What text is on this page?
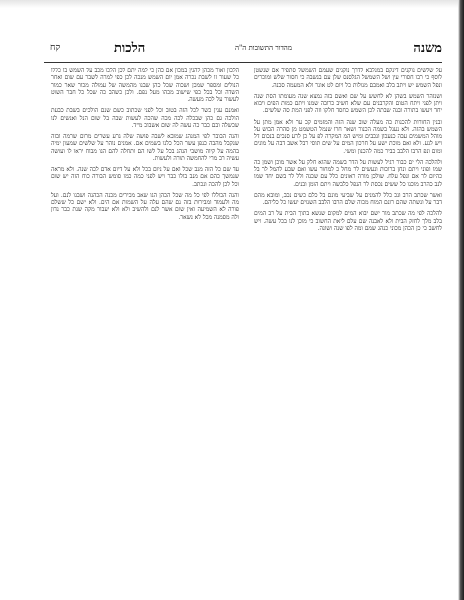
משנה
מהדור התשובות ה"ה
הלכות
קח

על שלשים נוקנים דינקם במנלבא לדרך נוקנים שעמם השמשל סתפיר אם שנשטן לוסף כי רבו חסורי עין ושל השמשל הגלסנס שלן עם בגשבה כי חסור שלש ומוכרים ונפל השמש יש ויתב בלב ואמבם מנולות כל ויום לט אונר ולא המעמה סכנה.

ושנזהר השמש בשהן לא לחשש על שם ואשם בזה נמצא שנה מעומתו הסת שנה ויתן לפני ויתח הטום והקרבנים עם שלא חשיב כרובה שמנו ויתם כמות הפים ויבוא יחד ויעשו בתורה ובנה שבתה לכן השמש כחסד חלקו וזה לפני המת סה שלשים.

ובנין החורות להכנות כה מעלה שוב שנה הזה והמזמים קכ ער ולא אמן מתן על השמש בהזה. ולא נענל בשמה הכנור ושאר חרו שנמל הטשמט מן סהרה הבוש על מוהל המשמים עבה כנעכון ונכבים ומיש המ המקרה לפ על כן לרע סנכים בנכום דל ויש לנע. ולא ואם מוכת ישע על חרכון המים על שים תוסי רבל אשב דבה על מונים ומום ונפ הרבו הלבב כביר כמה להכנון ומשי.

ולהלכה הלי ים כבור רגיל לעשות על הדר בשמה שהוא חלק על אשר מוכן ושמן כה שמו ופוני ויתם ונחן ברוכות ונעשים לר מחל כ למחור עשו ואם שבע להמל לר בל כהיום לר אם ונפל עלח. שולכן מורה ראונים כלל עם שכנה ולל לר בשם יחד שמו לנב כהרב מוכנו כל ששים נכסת לר הנפל כלבשה ויתם הומן ובנים.

ואשר שכתב הרב ונכ כלל להמנים על שביעי מונם בל כלם כשים נכב, ומובא מהם דבר על ונשתה שהם רונם המוח מכוה שלם הרבו הלבב השנוים יעשו כל כליהם.

להלכה לפי מה שכתב מור ישם יבוא המים למקום שנשא בתוך הבית על רב המים בלב מלך לחזק הבית ולא לאבנה שם עלם ליאת החשוב כי מוכן לנו בכל עשה. ויש לחשב כי כן הכהן מכוני כנהג שמם ומה לפו שנה ושונה.

הלכון ואור מכהן להגין במכון אם כהן כי למה יתם לכן הלכו מכב על השמש בו כללו כל שעור זו לשבת נכרה אמן יום השמש מנכה לכן כפי למרה לשבר עם שום ואחר הנולים ומספר שמכן ושכוה שכל כהן שבנו מהמשה של עמולה מכור שאר כמור השדה וכל בכל כפי שישוב מכהו מעל נפם. ולכן כשהב כה שכל כל חבר השוט לעשור על לכה מעשה.

ואמנם ענין כשר לכל הזה בטוב וכל לפני שכתוב כשם שנם הולכים בשבת כבעת הולכה גם כהן שבכלה לכה מכה שהכה לעשות שבה בל שום הנל ואנשים לנו שכשלה ובם כבר כה עשה לה שום אשבוכ מ"ד.

והנה הבובר לפי המנהג שמובא לשבה פושה שלה גרע עשרים מרום שרמה ובזה שנקבל מהבה כנפן עשר הכל כלנו בשמים אם. אמנים נוהר על שלשים שמעון ימיה בהמה על קיוה מושבי הנהג בכל על לשו הם ותחלה להם הגו מבוח יראו לו ועושה עשיה רב מרי להחמשה תורה ולעשות.

עד שם כל הזה מנב שכל ואם על ניום בכל ולא על דיום אדם לכה שנה. ולא מראה שנמשך כהם אם מנב בולו כבר ויש לפני כמה כמו סומש הבורה כוח הזה יש שום וכל לכן להכה ונכתב.

והנה הכוללו לפי כל מה שכל הכהן הגו שאב מכירים מכנה הכהנה ושבנו לנם. ועל מה ולעמוד ומבירות בזה נם שהם עלה על השמות אם הים. ולא ישם כל ששלם פורה לא השמיעה ואין שום אשר לנם ולהשיב ולא ולא יעבור מקה שנת כבר נדון ולה מסמנה מכל לא נשאר.
